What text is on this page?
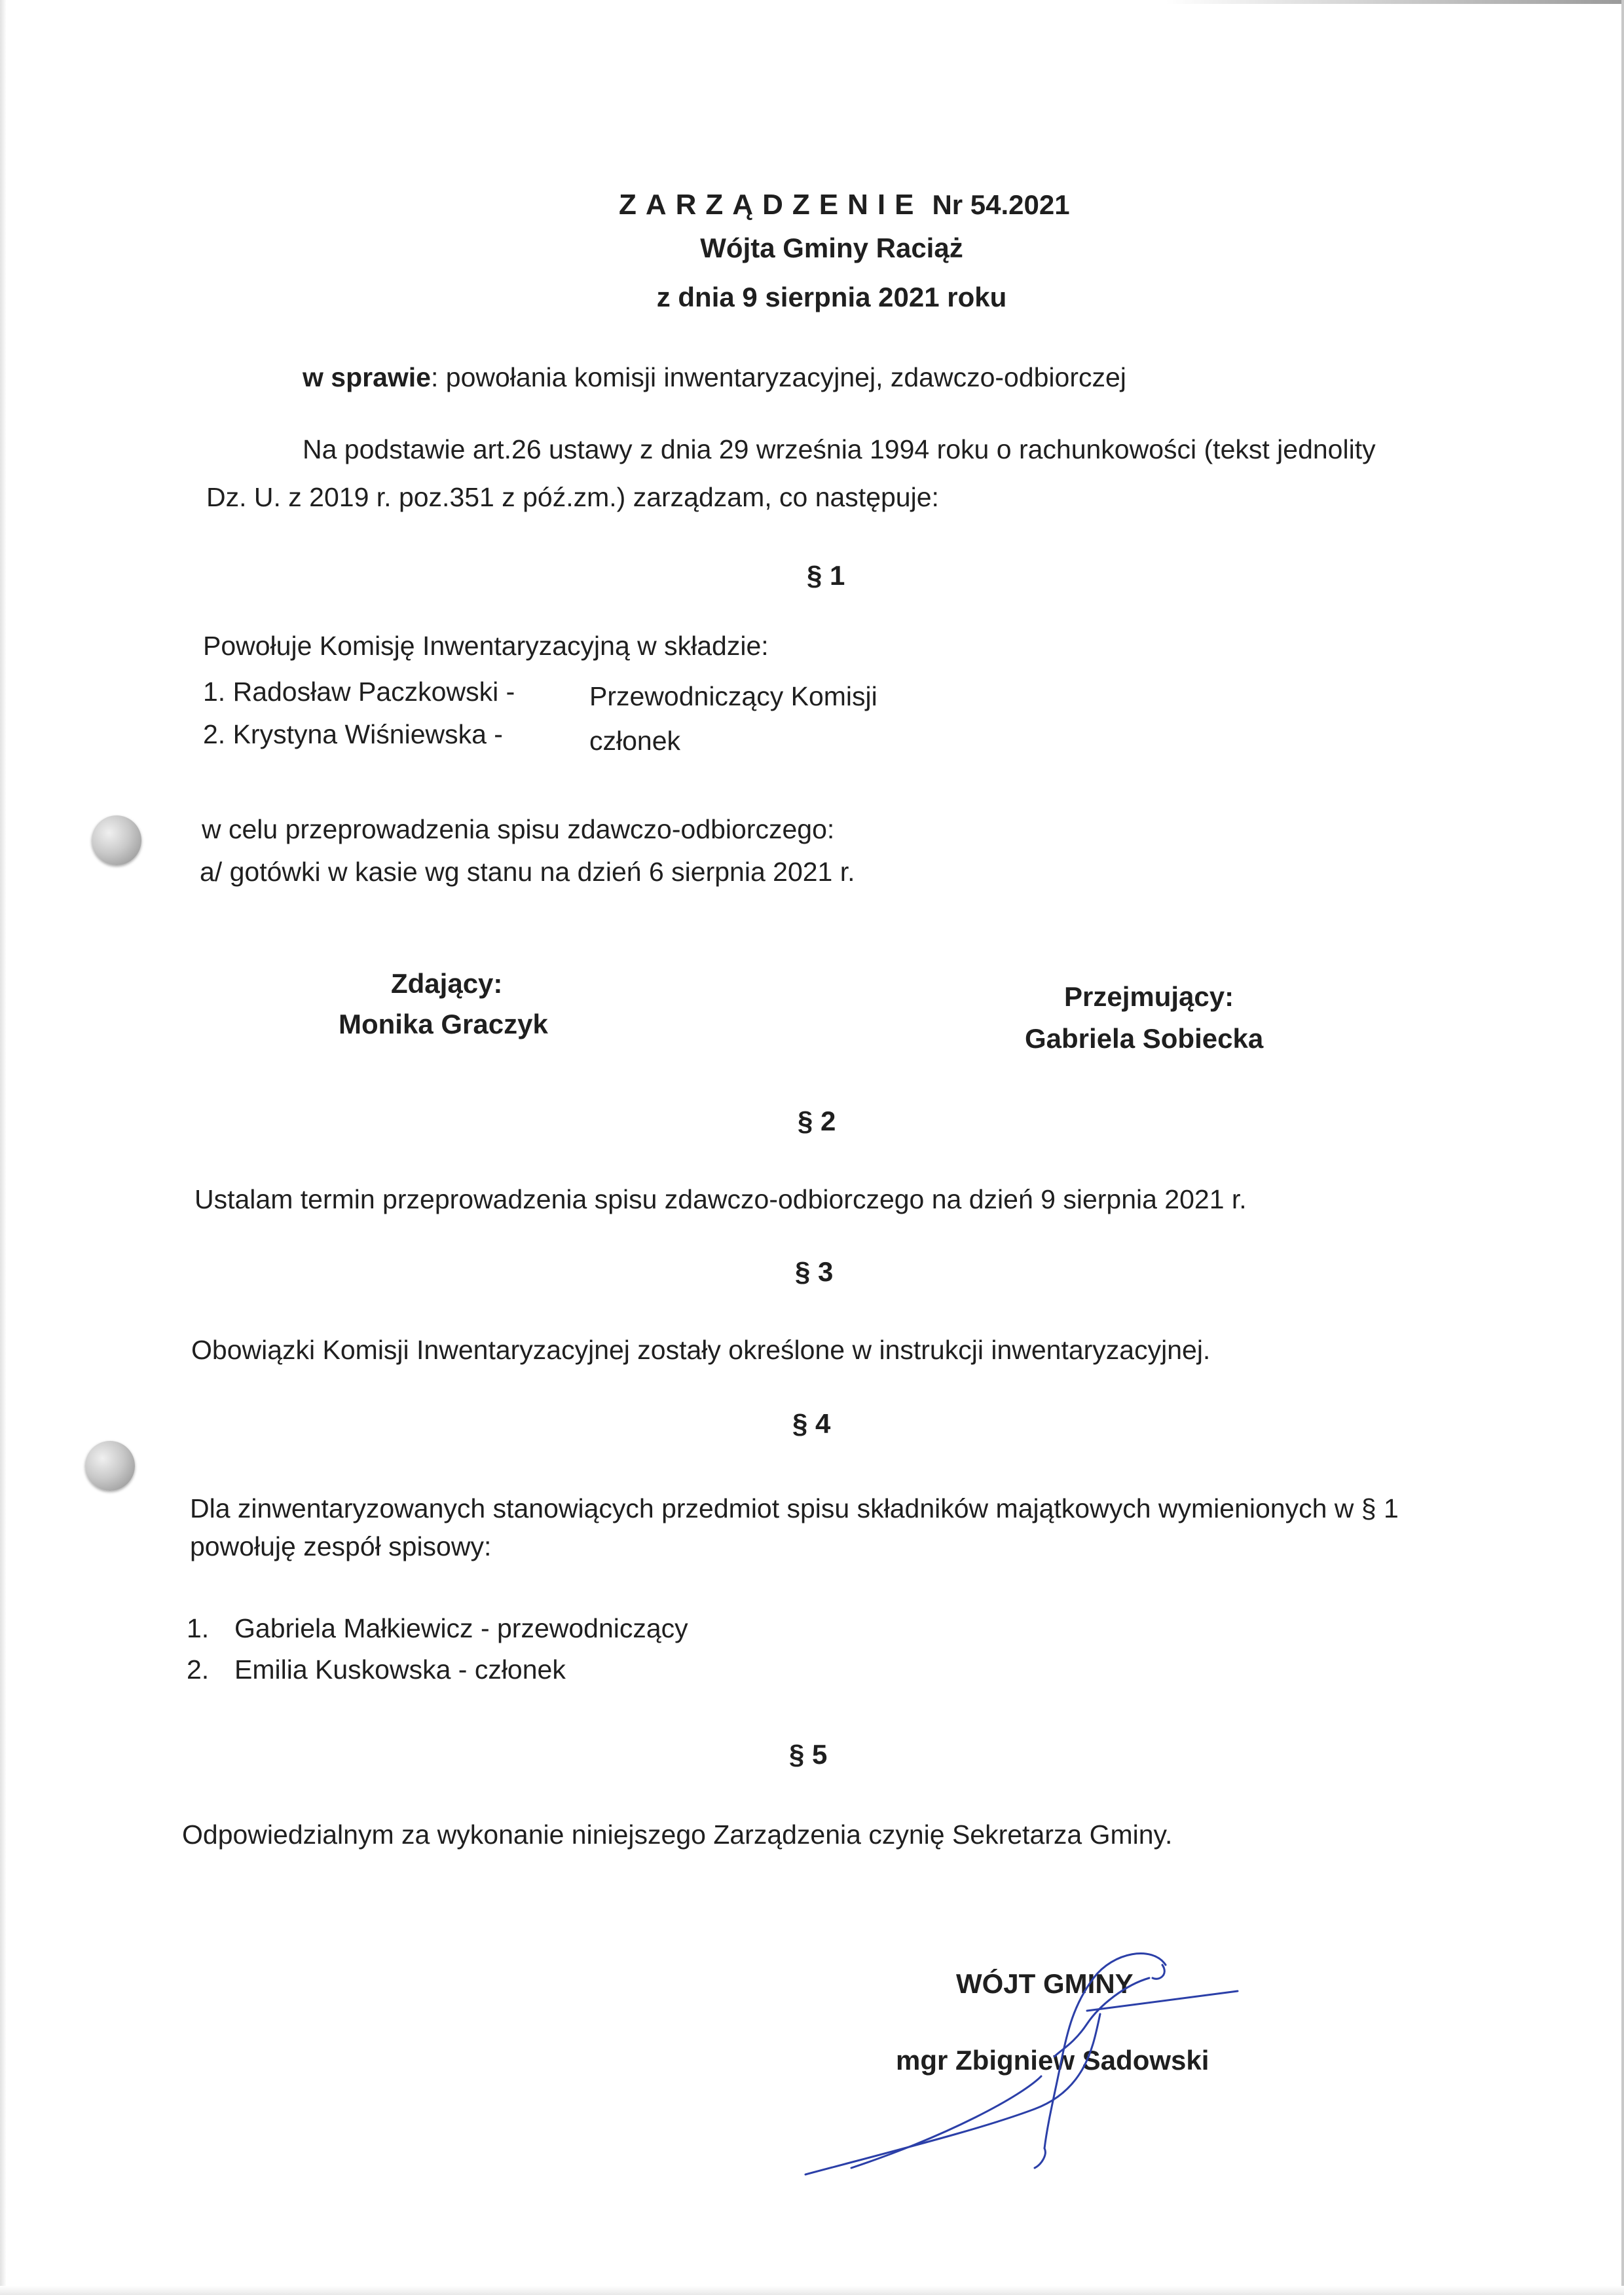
ZARZĄDZENIE Nr 54.2021
Wójta Gminy Raciąż
z dnia 9 sierpnia 2021 roku
w sprawie: powołania komisji inwentaryzacyjnej, zdawczo-odbiorczej
Na podstawie art.26 ustawy z dnia 29 września 1994 roku o rachunkowości (tekst jednolity
Dz. U. z 2019 r. poz.351 z póź.zm.) zarządzam, co następuje:
§ 1
Powołuje Komisję Inwentaryzacyjną w składzie:
1. Radosław Paczkowski -	Przewodniczący Komisji
2. Krystyna Wiśniewska -	członek
w celu przeprowadzenia spisu zdawczo-odbiorczego:
a/ gotówki w kasie wg stanu na dzień 6 sierpnia 2021 r.
Zdający:
Monika Graczyk
Przejmujący:
Gabriela Sobiecka
§ 2
Ustalam termin przeprowadzenia spisu zdawczo-odbiorczego na dzień 9 sierpnia 2021 r.
§ 3
Obowiązki Komisji Inwentaryzacyjnej zostały określone w instrukcji inwentaryzacyjnej.
§ 4
Dla zinwentaryzowanych stanowiących przedmiot spisu składników majątkowych wymienionych w § 1
powołuję zespół spisowy:
1. Gabriela Małkiewicz - przewodniczący
2. Emilia Kuskowska - członek
§ 5
Odpowiedzialnym za wykonanie niniejszego Zarządzenia czynię Sekretarza Gminy.
WÓJT GMINY
mgr Zbigniew Sadowski
